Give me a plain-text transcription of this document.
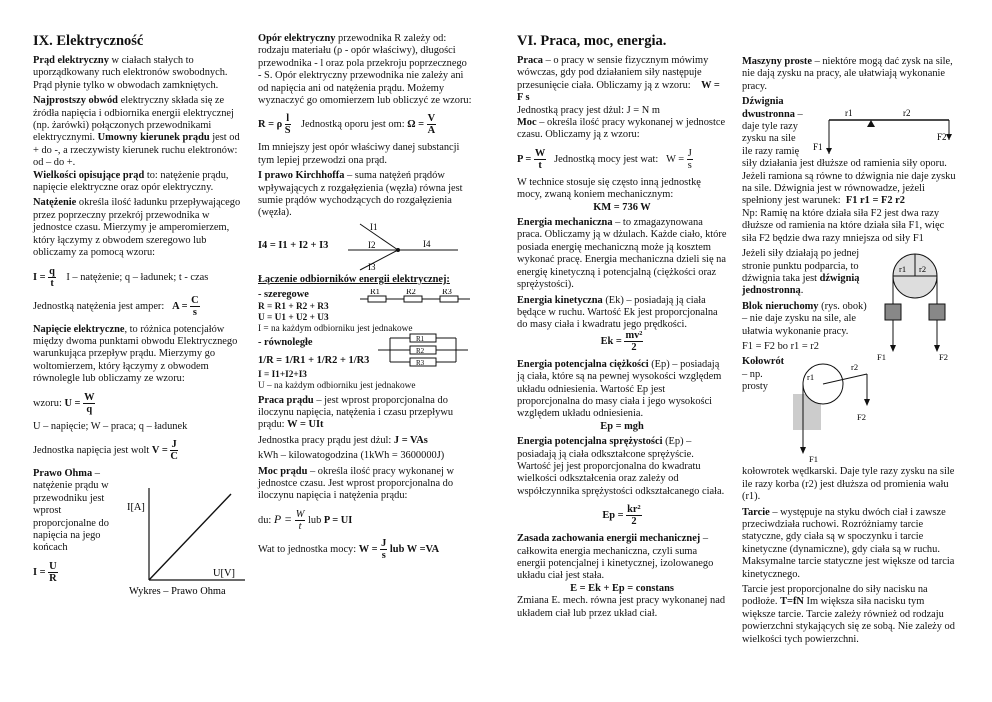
IX. Elektryczność

Prąd elektryczny w ciałach stałych to uporządkowany ruch elektronów swobodnych. Prąd płynie tylko w obwodach zamkniętych.

Najprostszy obwód elektryczny składa się ze źródła napięcia i odbiornika energii elektrycznej (np. żarówki) połączonych przewodnikami elektrycznymi. Umowny kierunek prądu jest od + do -, a rzeczywisty kierunek ruchu elektronów: od – do +.

Wielkości opisujące prąd to: natężenie prądu, napięcie elektryczne oraz opór elektryczny.

Natężenie określa ilość ładunku przepływającego przez poprzeczny przekrój przewodnika w jednostce czasu. Mierzymy je amperomierzem, który łączymy z obwodem szeregowo lub obliczamy za pomocą wzoru:

$I = \frac{q}{t}$ I – natężenie; q – ładunek; t - czas

Jednostką natężenia jest amper: $A = \frac{C}{s}$

Napięcie elektryczne, to różnica potencjałów między dwoma punktami obwodu Elektrycznego warunkująca przepływ prądu. Mierzymy go woltomierzem, który łączymy z obwodem równolegle lub obliczamy ze wzoru:

wzoru: $U = \frac{W}{q}$

U – napięcie; W – praca; q – ładunek

Jednostka napięcia jest wolt $V = \frac{J}{C}$

I[A]
U[V]
Wykres – Prawo Ohma

Prawo Ohma – natężenie prądu w przewodniku jest wprost proporcjonalne do napięcia na jego końcach

$I = \frac{U}{R}$

Opór elektryczny przewodnika R zależy od: rodzaju materiału (ρ - opór właściwy), długości przewodnika - l oraz pola przekroju poprzecznego - S. Opór elektryczny przewodnika nie zależy ani od napięcia ani od natężenia prądu. Możemy wyznaczyć go omomierzem lub obliczyć ze wzoru:

R = ρ $\frac{l}{S}$ Jednostką oporu jest om: $\Omega = \frac{V}{A}$

Im mniejszy jest opór właściwy danej substancji tym lepiej przewodzi ona prąd.

I prawo Kirchhoffa – suma natężeń prądów wpływających z rozgałęzienia (węzła) równa jest sumie prądów wychodzących do rozgałęzienia (węzła).

I1
I2
I3
I4
I4 = I1 + I2 + I3

Łączenie odbiorników energii elektrycznej:

R1	R2	R3

- szeregowe

R = R1 + R2 + R3

U = U1 + U2 + U3

I = na każdym odbiorniku jest jednakowe

R1
R2
R3

- równoległe

1/R = 1/R1 + 1/R2 + 1/R3

I = I1+I2+I3

U – na każdym odbiorniku jest jednakowe

Praca prądu – jest wprost proporcjonalna do iloczynu napięcia, natężenia i czasu przepływu prądu: W = UIt

Jednostka pracy prądu jest dżul: J = VAs

kWh – kilowatogodzina (1kWh = 3600000J)

Moc prądu – określa ilość pracy wykonanej w jednostce czasu. Jest wprost proporcjonalna do iloczynu napięcia i natężenia prądu:

du: $P = \frac{W}{t}$ lub P = UI

Wat to jednostka mocy: $W = \frac{J}{s}$ lub W =VA

VI. Praca, moc, energia.

Praca – o pracy w sensie fizycznym mówimy wówczas, gdy pod działaniem siły następuje przesunięcie ciała. Obliczamy ją z wzoru: W = F s

Jednostką pracy jest dżul: J = N m

Moc – określa ilość pracy wykonanej w jednostce czasu. Obliczamy ją z wzoru:

$P = \frac{W}{t}$ Jednostką mocy jest wat: $W = \frac{J}{s}$

W technice stosuje się często inną jednostkę mocy, zwaną koniem mechanicznym:

KM = 736 W

Energia mechaniczna – to zmagazynowana praca. Obliczamy ją w dżulach. Każde ciało, które posiada energię mechaniczną może ją kosztem wykonać pracę. Energia mechaniczna dzieli się na energię kinetyczną i potencjalną (ciężkości oraz sprężystości).

Energia kinetyczna (Ek) – posiadają ją ciała będące w ruchu. Wartość Ek jest proporcjonalna do masy ciała i kwadratu jego prędkości.

$Ek = \frac{\text{mv²}}{2}$

Energia potencjalna ciężkości (Ep) – posiadają ją ciała, które są na pewnej wysokości względem układu odniesienia. Wartość Ep jest proporcjonalna do masy ciała i jego wysokości względem układu odniesienia.

Ep = mgh

Energia potencjalna sprężystości (Ep) – posiadają ją ciała odkształcone sprężyście. Wartość jej jest proporcjonalna do kwadratu wielkości odkształcenia oraz zależy od współczynnika sprężystości odkształcanego ciała.

$Ep = \frac{\text{kr²}}{2}$

Zasada zachowania energii mechanicznej – całkowita energia mechaniczna, czyli suma energii potencjalnej i kinetycznej, izolowanego układu ciał jest stała.

E = Ek + Ep = constans

Zmiana E. mech. równa jest pracy wykonanej nad układem ciał lub przez układ ciał.

Maszyny proste – niektóre mogą dać zysk na sile, nie dają zysku na pracy, ale ułatwiają wykonanie pracy.

r1	r2
F1
F2

Dźwignia dwustronna – daje tyle razy zysku na sile ile razy ramię siły działania jest dłuższe od ramienia siły oporu. Jeżeli ramiona są równe to dźwignia nie daje zysku na sile. Dźwignia jest w równowadze, jeżeli spełniony jest warunek: F1 r1 = F2 r2

Np: Ramię na które działa siła F2 jest dwa razy dłuższe od ramienia na które działa siła F1, więc siła F2 będzie dwa razy mniejsza od siły F1

r1 r2
F1	F2

Jeżeli siły działają po jednej stronie punktu podparcia, to dźwignia taka jest dźwignią jednostronną.

Blok nieruchomy (rys. obok) – nie daje zysku na sile, ale ułatwia wykonanie pracy.

F1 = F2 bo r1 = r2

r1
r2
F2
F1

Kołowrót – np. prosty kołowrotek wędkarski. Daje tyle razy zysku na sile ile razy korba (r2) jest dłuższa od promienia wału (r1).

Tarcie – występuje na styku dwóch ciał i zawsze przeciwdziała ruchowi. Rozróżniamy tarcie statyczne, gdy ciała są w spoczynku i tarcie kinetyczne (dynamiczne), gdy ciała są w ruchu. Maksymalne tarcie statyczne jest większe od tarcia kinetycznego.

Tarcie jest proporcjonalne do siły nacisku na podłoże. T=fN Im większa siła nacisku tym większe tarcie. Tarcie zależy również od rodzaju powierzchni stykających się ze sobą. Nie zależy od wielkości tych powierzchni.
